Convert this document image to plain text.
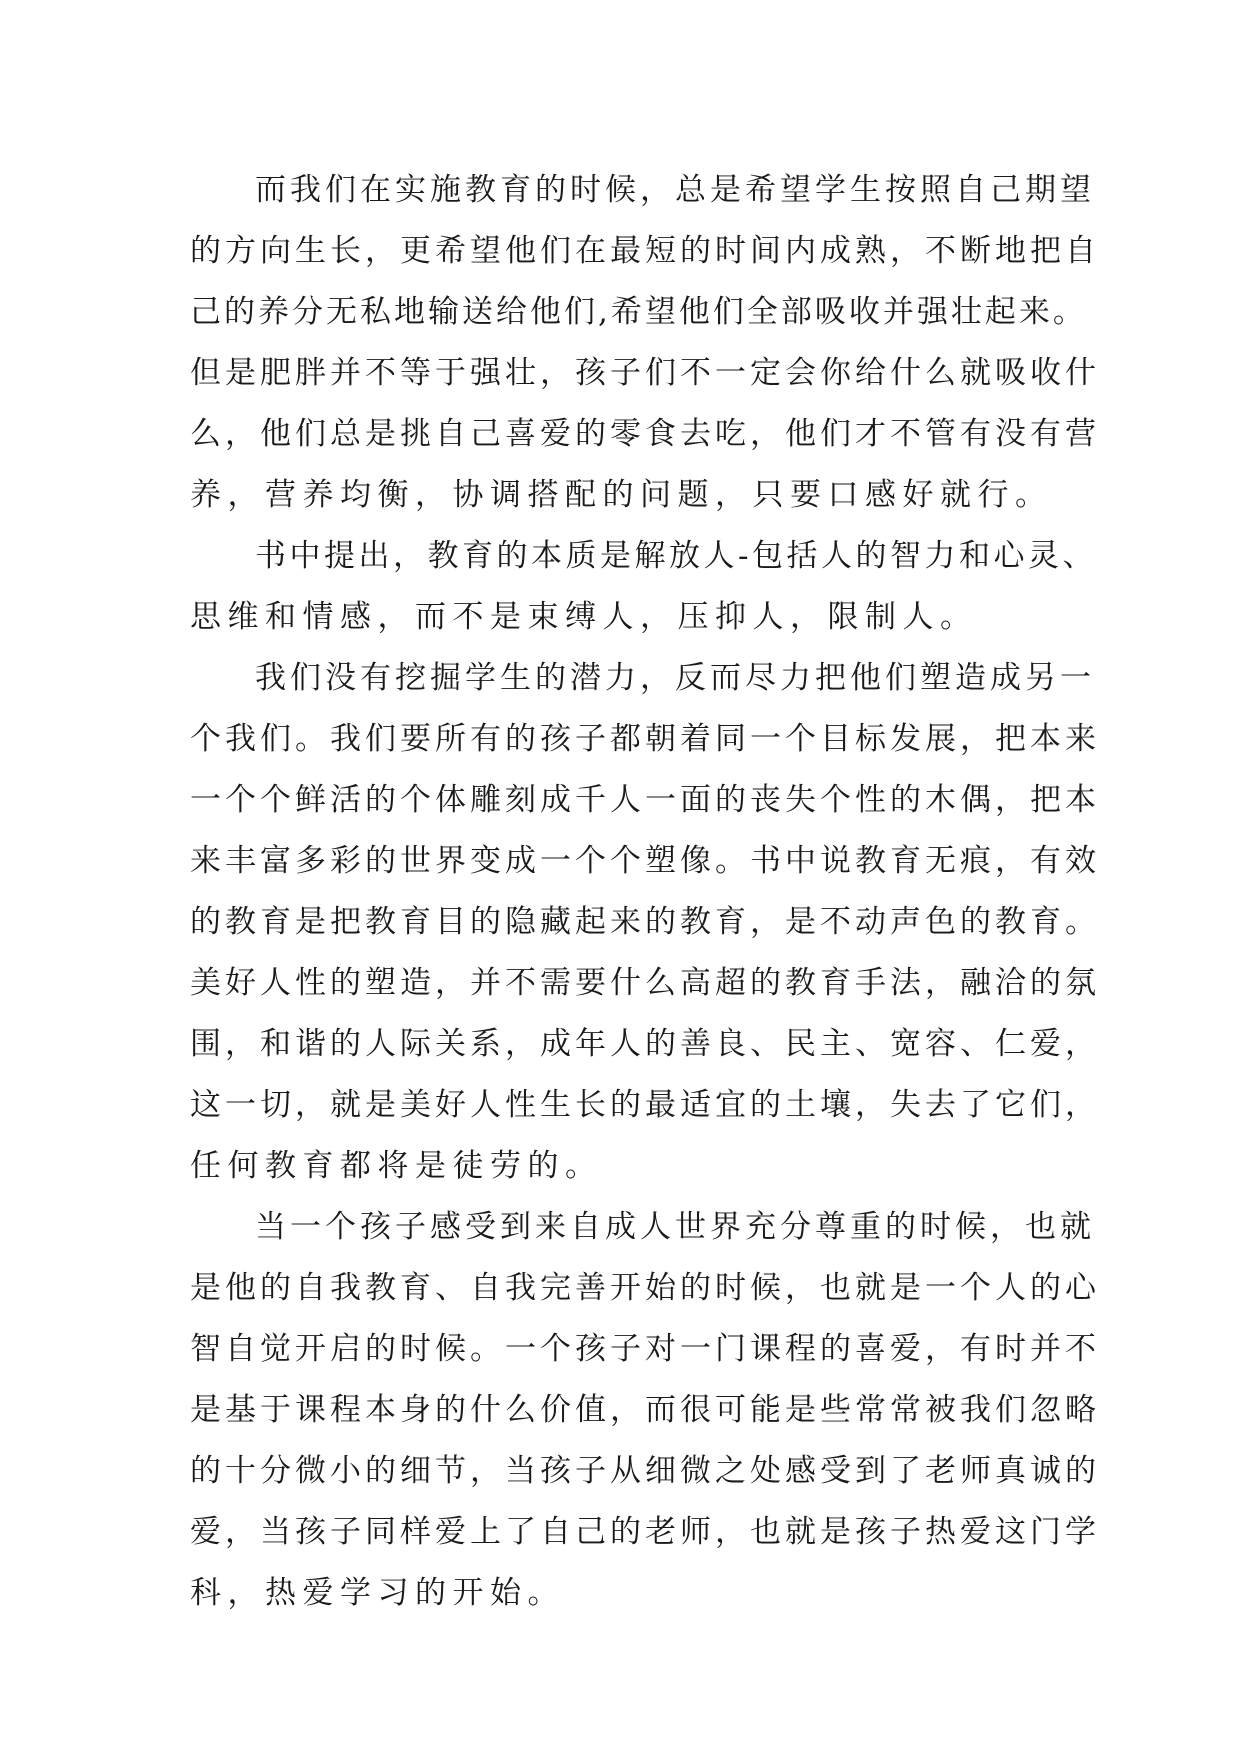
而我们在实施教育的时候，总是希望学生按照自己期望
的方向生长，更希望他们在最短的时间内成熟，不断地把自
己的养分无私地输送给他们,希望他们全部吸收并强壮起来。
但是肥胖并不等于强壮，孩子们不一定会你给什么就吸收什
么，他们总是挑自己喜爱的零食去吃，他们才不管有没有营
养，营养均衡，协调搭配的问题，只要口感好就行。
书中提出，教育的本质是解放人-包括人的智力和心灵、
思维和情感，而不是束缚人，压抑人，限制人。
我们没有挖掘学生的潜力，反而尽力把他们塑造成另一
个我们。我们要所有的孩子都朝着同一个目标发展，把本来
一个个鲜活的个体雕刻成千人一面的丧失个性的木偶，把本
来丰富多彩的世界变成一个个塑像。书中说教育无痕，有效
的教育是把教育目的隐藏起来的教育，是不动声色的教育。
美好人性的塑造，并不需要什么高超的教育手法，融洽的氛
围，和谐的人际关系，成年人的善良、民主、宽容、仁爱，
这一切，就是美好人性生长的最适宜的土壤，失去了它们，
任何教育都将是徒劳的。
当一个孩子感受到来自成人世界充分尊重的时候，也就
是他的自我教育、自我完善开始的时候，也就是一个人的心
智自觉开启的时候。一个孩子对一门课程的喜爱，有时并不
是基于课程本身的什么价值，而很可能是些常常被我们忽略
的十分微小的细节，当孩子从细微之处感受到了老师真诚的
爱，当孩子同样爱上了自己的老师，也就是孩子热爱这门学
科，热爱学习的开始。
